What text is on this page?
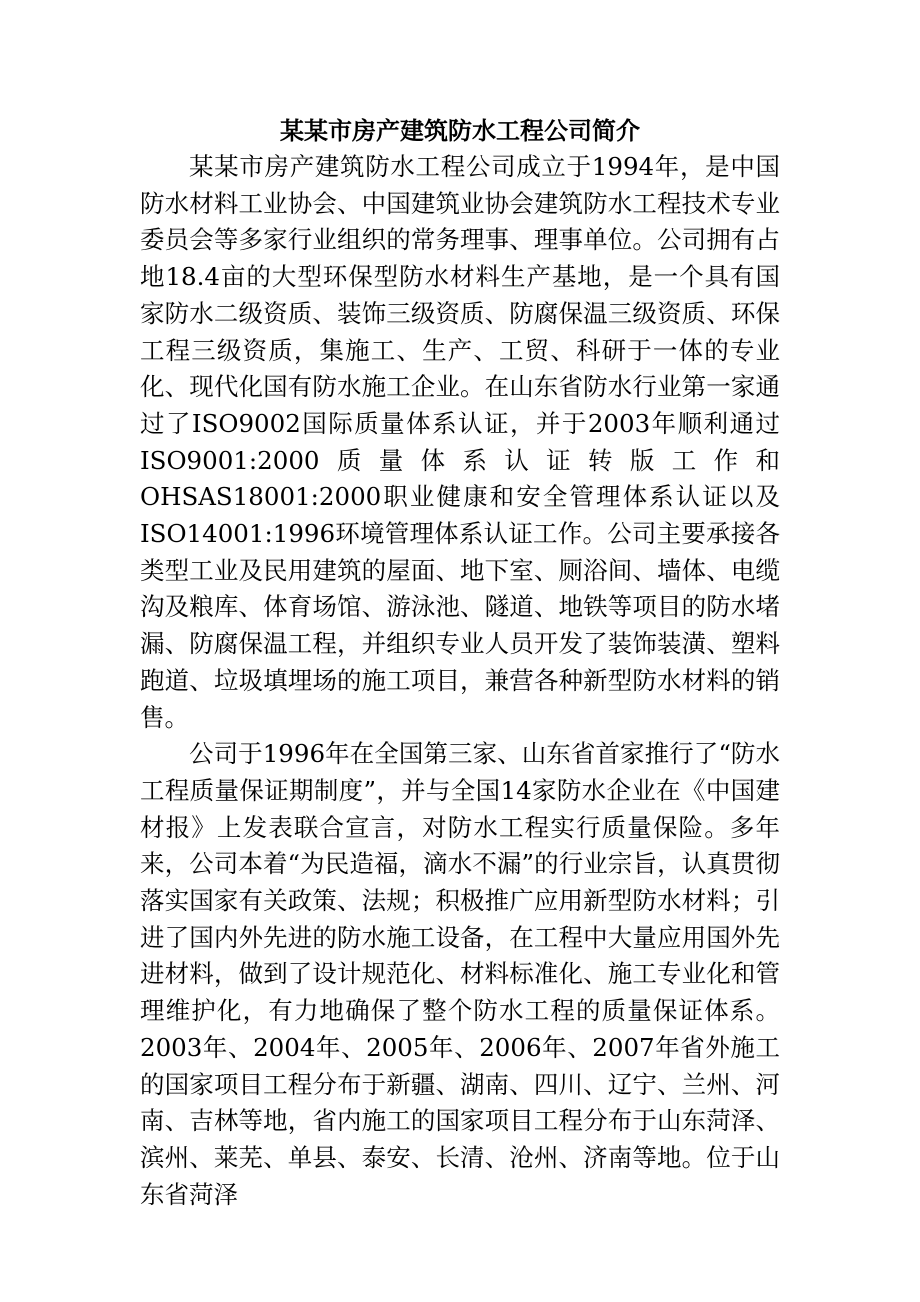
某某市房产建筑防水工程公司简介

某某市房产建筑防水工程公司成立于1994年，是中国防水材料工业协会、中国建筑业协会建筑防水工程技术专业委员会等多家行业组织的常务理事、理事单位。公司拥有占地18.4亩的大型环保型防水材料生产基地，是一个具有国家防水二级资质、装饰三级资质、防腐保温三级资质、环保工程三级资质，集施工、生产、工贸、科研于一体的专业化、现代化国有防水施工企业。在山东省防水行业第一家通过了ISO9002国际质量体系认证，并于2003年顺利通过ISO9001:2000质量体系认证转版工作和OHSAS18001:2000职业健康和安全管理体系认证以及ISO14001:1996环境管理体系认证工作。公司主要承接各类型工业及民用建筑的屋面、地下室、厕浴间、墙体、电缆沟及粮库、体育场馆、游泳池、隧道、地铁等项目的防水堵漏、防腐保温工程，并组织专业人员开发了装饰装潢、塑料跑道、垃圾填埋场的施工项目，兼营各种新型防水材料的销售。

公司于1996年在全国第三家、山东省首家推行了“防水工程质量保证期制度”，并与全国14家防水企业在《中国建材报》上发表联合宣言，对防水工程实行质量保险。多年来，公司本着“为民造福，滴水不漏”的行业宗旨，认真贯彻落实国家有关政策、法规；积极推广应用新型防水材料；引进了国内外先进的防水施工设备，在工程中大量应用国外先进材料，做到了设计规范化、材料标准化、施工专业化和管理维护化，有力地确保了整个防水工程的质量保证体系。2003年、2004年、2005年、2006年、2007年省外施工的国家项目工程分布于新疆、湖南、四川、辽宁、兰州、河南、吉林等地，省内施工的国家项目工程分布于山东菏泽、滨州、莱芜、单县、泰安、长清、沧州、济南等地。位于山东省菏泽
